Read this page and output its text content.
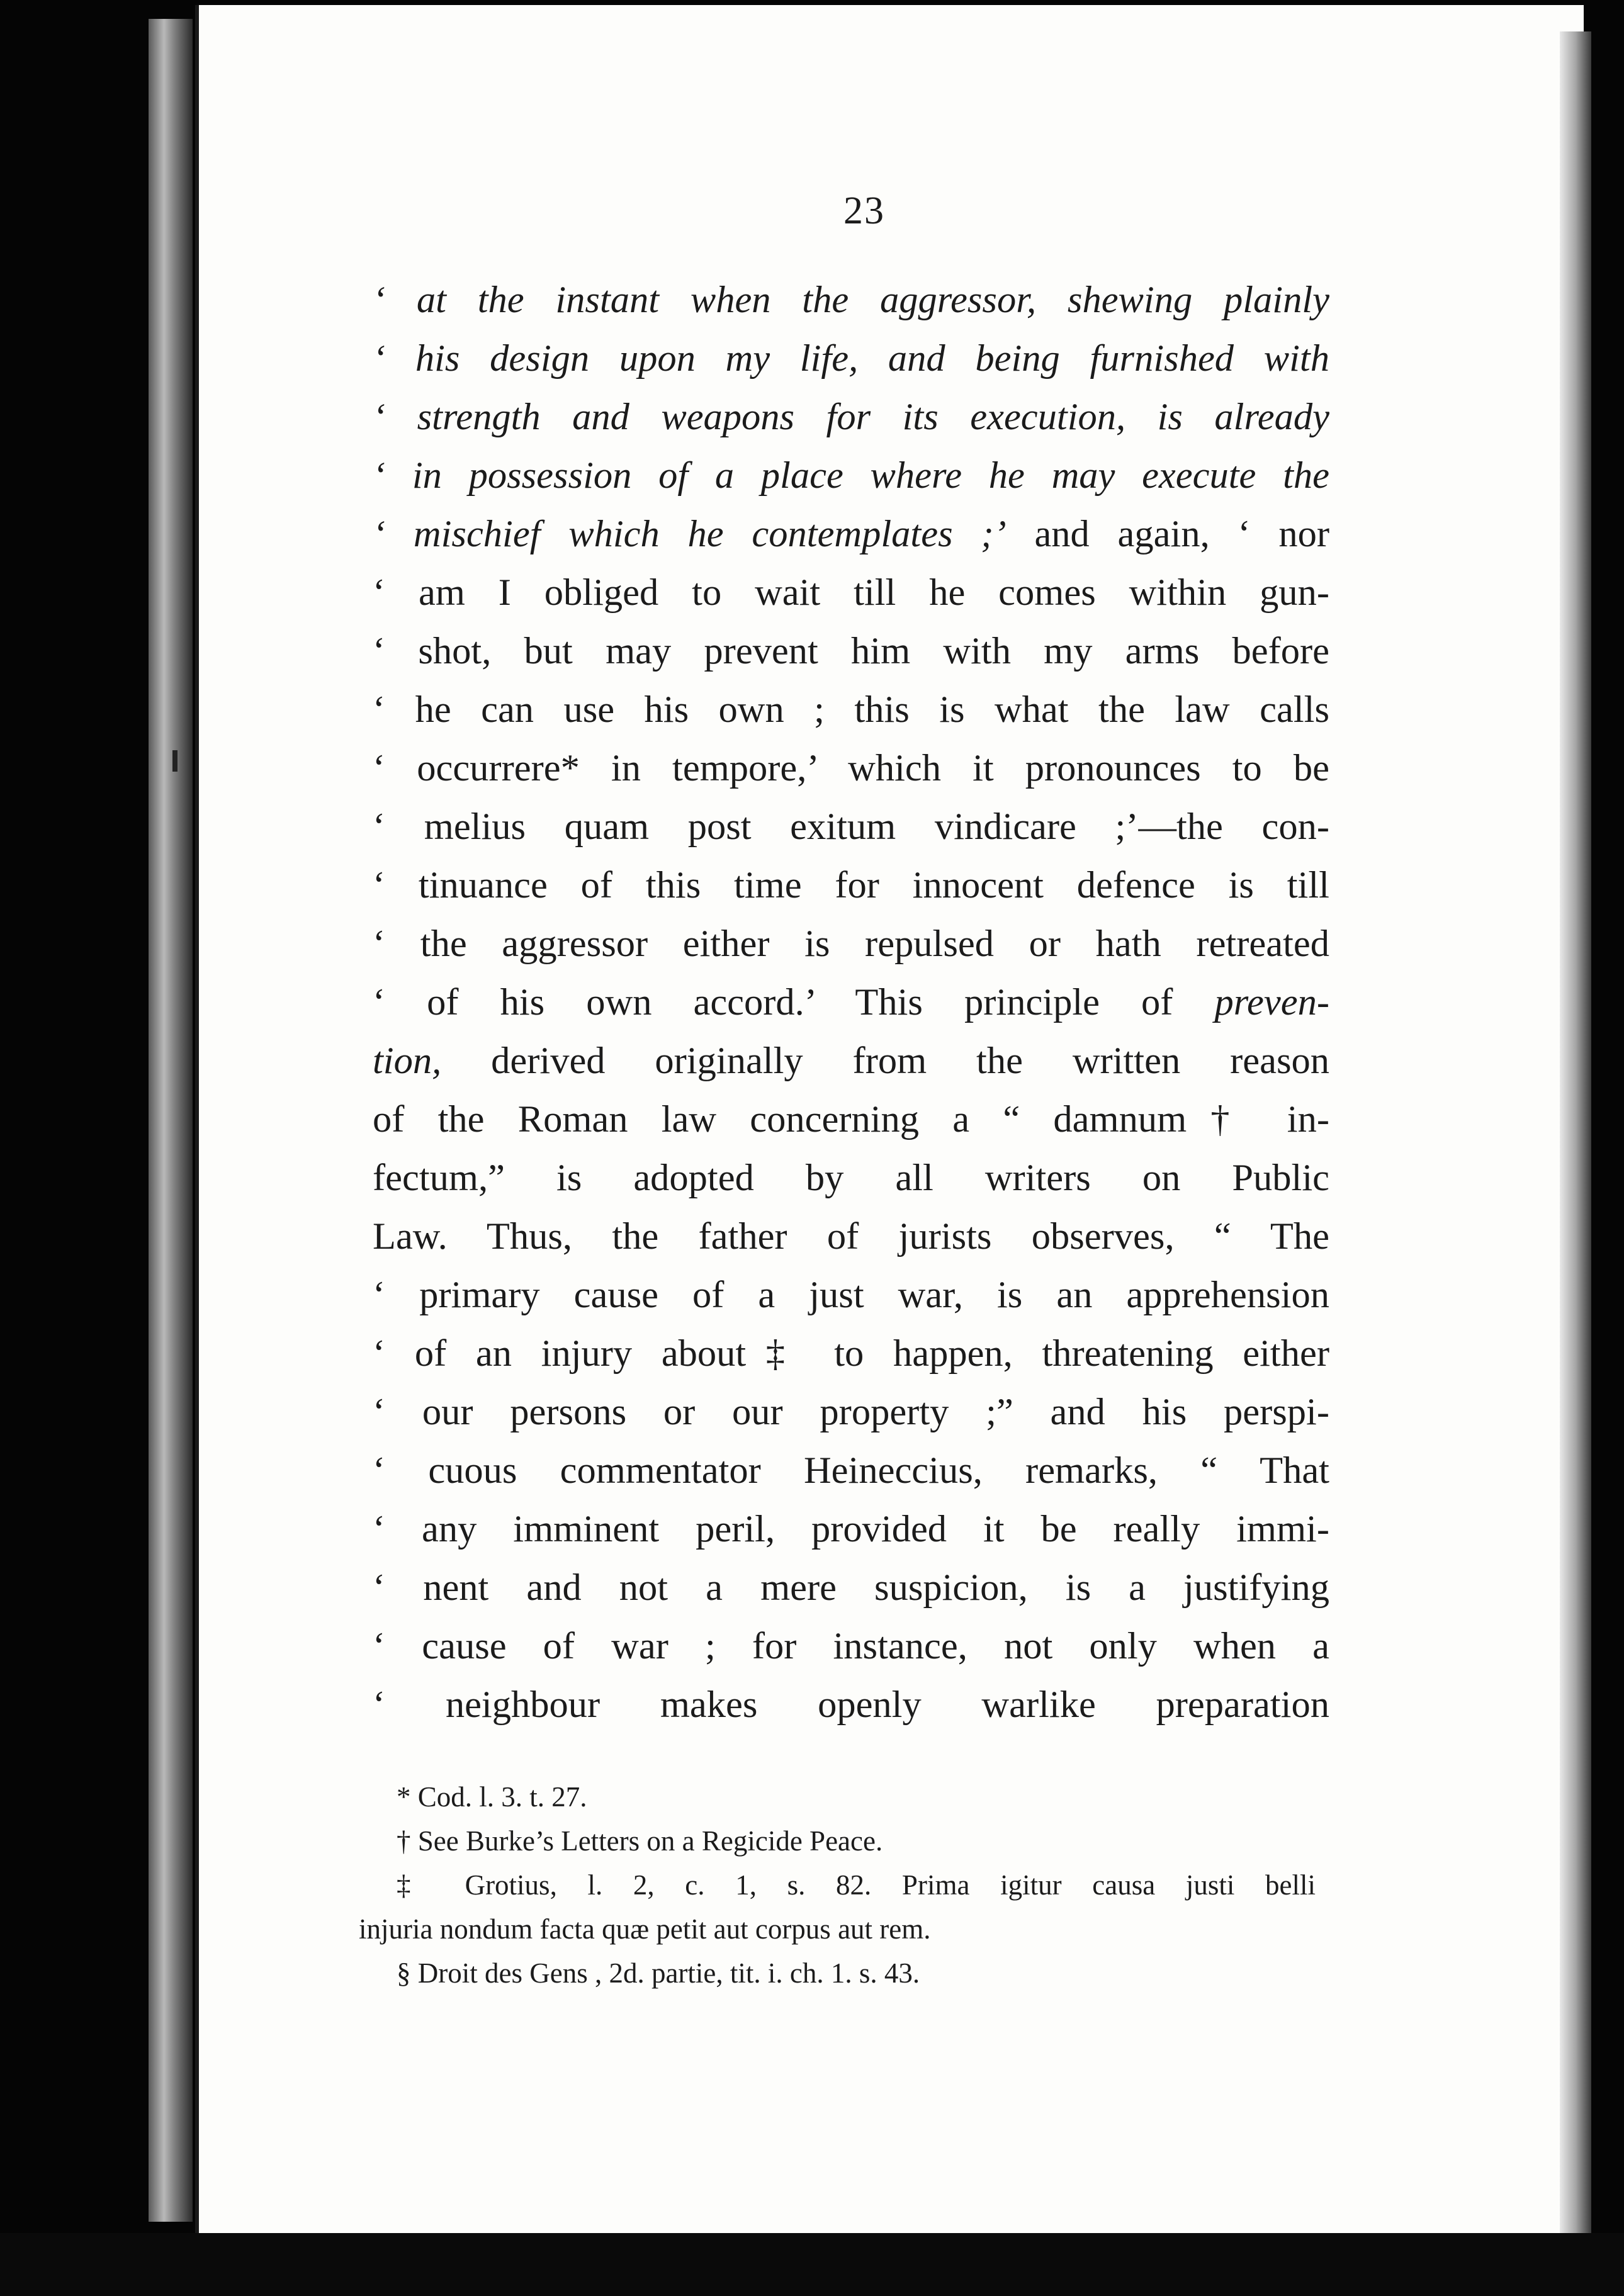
23
‘ at the instant when the aggressor, shewing plainly
‘ his design upon my life, and being furnished with
‘ strength and weapons for its execution, is already
‘ in possession of a place where he may execute the
‘ mischief which he contemplates ;’ and again, ‘ nor
‘ am I obliged to wait till he comes within gun-
‘ shot, but may prevent him with my arms before
‘ he can use his own ; this is what the law calls
‘ occurrere* in tempore,’ which it pronounces to be
‘ melius quam post exitum vindicare ;’—the con-
‘ tinuance of this time for innocent defence is till
‘ the aggressor either is repulsed or hath retreated
‘ of his own accord.’ This principle of preven-
tion, derived originally from the written reason
of the Roman law concerning a “ damnum† in-
fectum,” is adopted by all writers on Public
Law. Thus, the father of jurists observes, “ The
‘ primary cause of a just war, is an apprehension
‘ of an injury about‡ to happen, threatening either
‘ our persons or our property ;” and his perspi-
‘ cuous commentator Heineccius, remarks, “ That
‘ any imminent peril, provided it be really immi-
‘ nent and not a mere suspicion, is a justifying
‘ cause of war ; for instance, not only when a
‘ neighbour makes openly warlike preparation
* Cod. l. 3. t. 27.
† See Burke’s Letters on a Regicide Peace.
‡ Grotius, l. 2, c. 1, s. 82. Prima igitur causa justi belli
injuria nondum facta quæ petit aut corpus aut rem.
§ Droit des Gens , 2d. partie, tit. i. ch. 1. s. 43.
